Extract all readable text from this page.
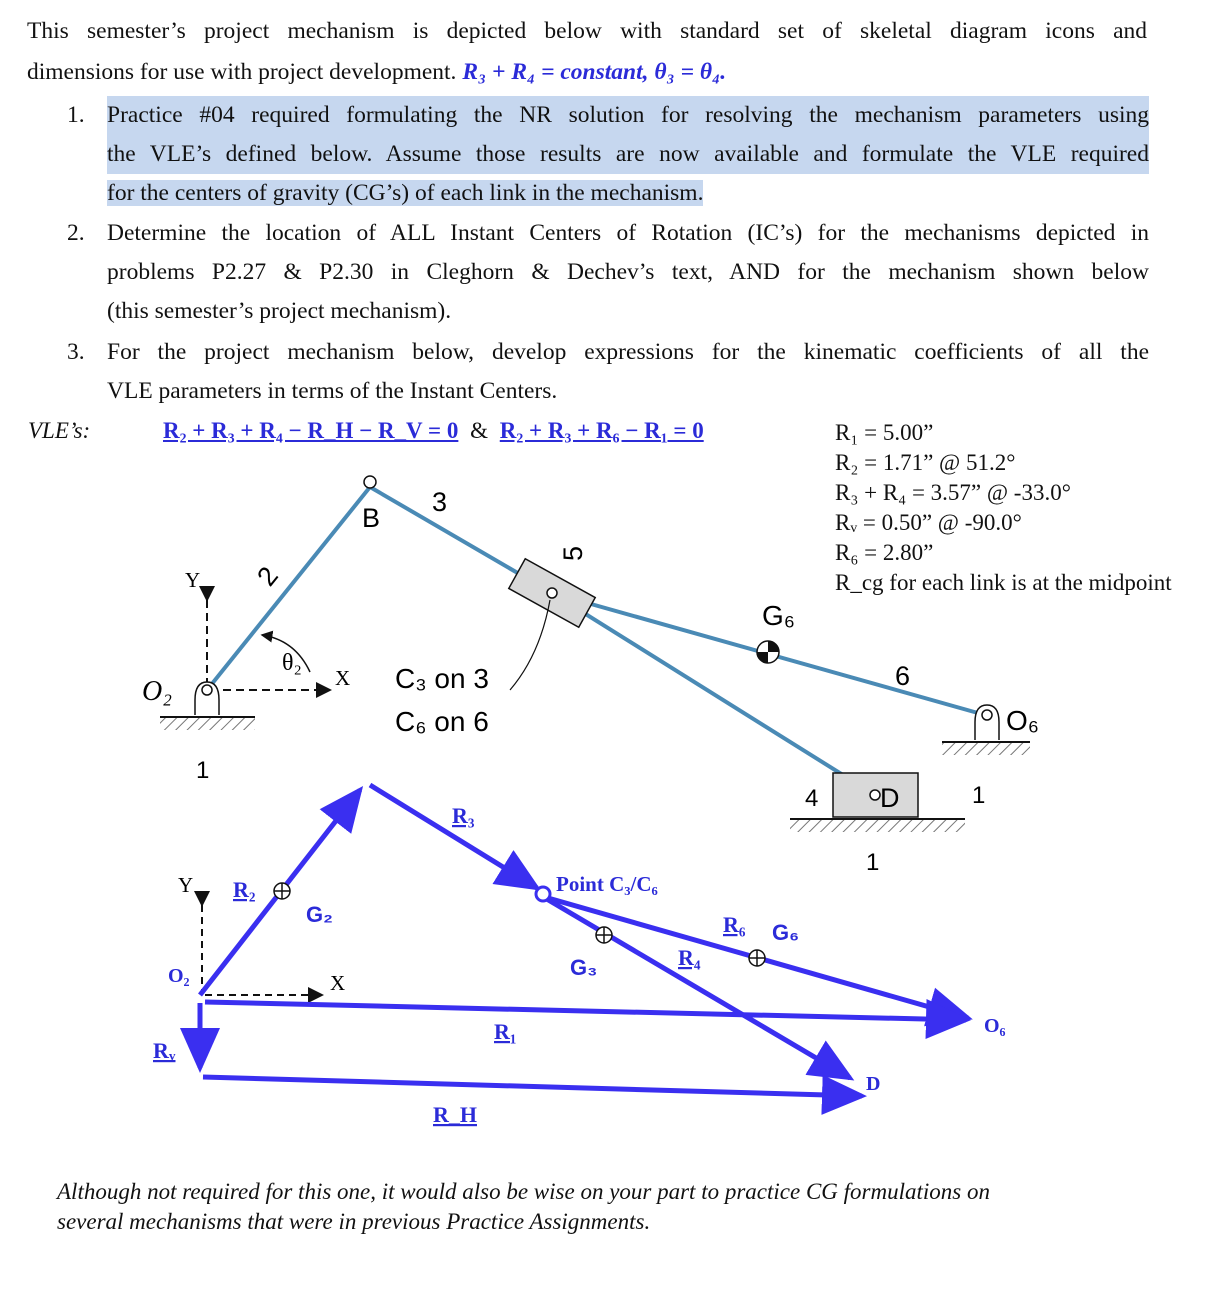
This semester’s project mechanism is depicted below with standard set of skeletal diagram icons and
dimensions for use with project development. R₃ + R₄ = constant, θ₃ = θ₄.
1. Practice #04 required formulating the NR solution for resolving the mechanism parameters using
the VLE’s defined below. Assume those results are now available and formulate the VLE required
for the centers of gravity (CG’s) of each link in the mechanism.
2. Determine the location of ALL Instant Centers of Rotation (IC’s) for the mechanisms depicted in
problems P2.27 & P2.30 in Cleghorn & Dechev’s text, AND for the mechanism shown below
(this semester’s project mechanism).
3. For the project mechanism below, develop expressions for the kinematic coefficients of all the
VLE parameters in terms of the Instant Centers.
VLE’s:	R₂ + R₃ + R₄ − R_H − R_V = 0 & R₂ + R₃ + R₆ − R₁ = 0	R₁ = 5.00”
R₂ = 1.71” @ 51.2°
R₃ + R₄ = 3.57” @ -33.0°
Rᵥ = 0.50” @ -90.0°
R₆ = 2.80”
R_cg for each link is at the midpoint
O₂
Y
X
θ₂
2
3
B
5
C₃ on 3
C₆ on 6
G₆
6
O₆
1
4 D	1
1
R₃
R₂
G₂
Y
O₂	X
Rᵥ
R₁
R_H
Point C₃/C₆
G₃	R₄
R₆ G₆
O₆
D
Although not required for this one, it would also be wise on your part to practice CG formulations on
several mechanisms that were in previous Practice Assignments.
